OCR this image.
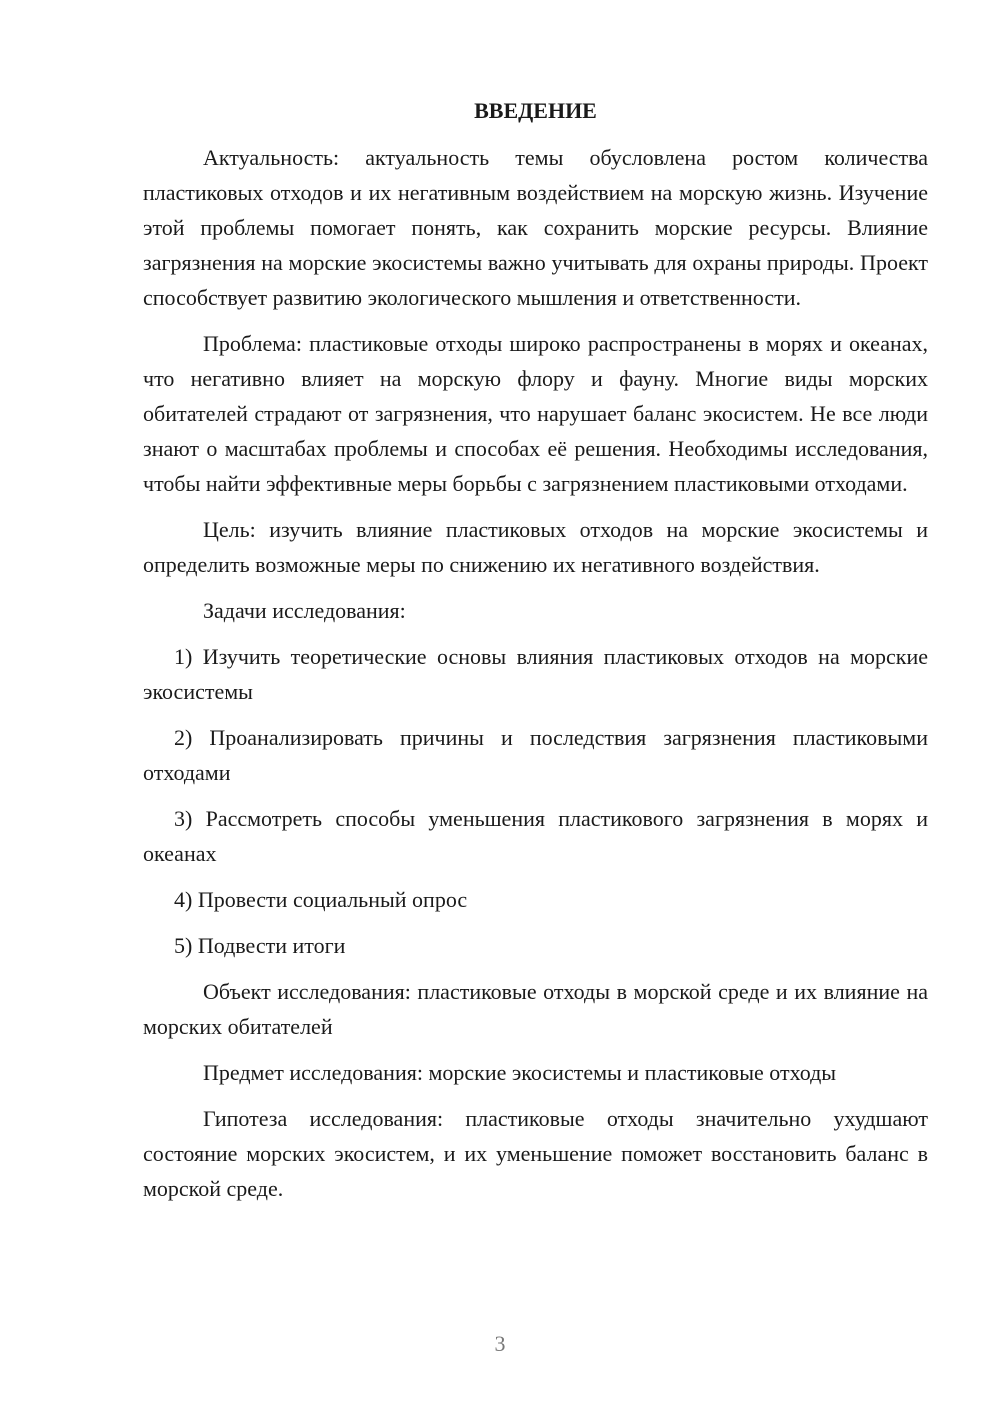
ВВЕДЕНИЕ

Актуальность: актуальность темы обусловлена ростом количества пластиковых отходов и их негативным воздействием на морскую жизнь. Изучение этой проблемы помогает понять, как сохранить морские ресурсы. Влияние загрязнения на морские экосистемы важно учитывать для охраны природы. Проект способствует развитию экологического мышления и ответственности.

Проблема: пластиковые отходы широко распространены в морях и океанах, что негативно влияет на морскую флору и фауну. Многие виды морских обитателей страдают от загрязнения, что нарушает баланс экосистем. Не все люди знают о масштабах проблемы и способах её решения. Необходимы исследования, чтобы найти эффективные меры борьбы с загрязнением пластиковыми отходами.

Цель: изучить влияние пластиковых отходов на морские экосистемы и определить возможные меры по снижению их негативного воздействия.

Задачи исследования:

1) Изучить теоретические основы влияния пластиковых отходов на морские экосистемы

2) Проанализировать причины и последствия загрязнения пластиковыми отходами

3) Рассмотреть способы уменьшения пластикового загрязнения в морях и океанах

4) Провести социальный опрос

5) Подвести итоги

Объект исследования: пластиковые отходы в морской среде и их влияние на морских обитателей

Предмет исследования: морские экосистемы и пластиковые отходы

Гипотеза исследования: пластиковые отходы значительно ухудшают состояние морских экосистем, и их уменьшение поможет восстановить баланс в морской среде.

3
